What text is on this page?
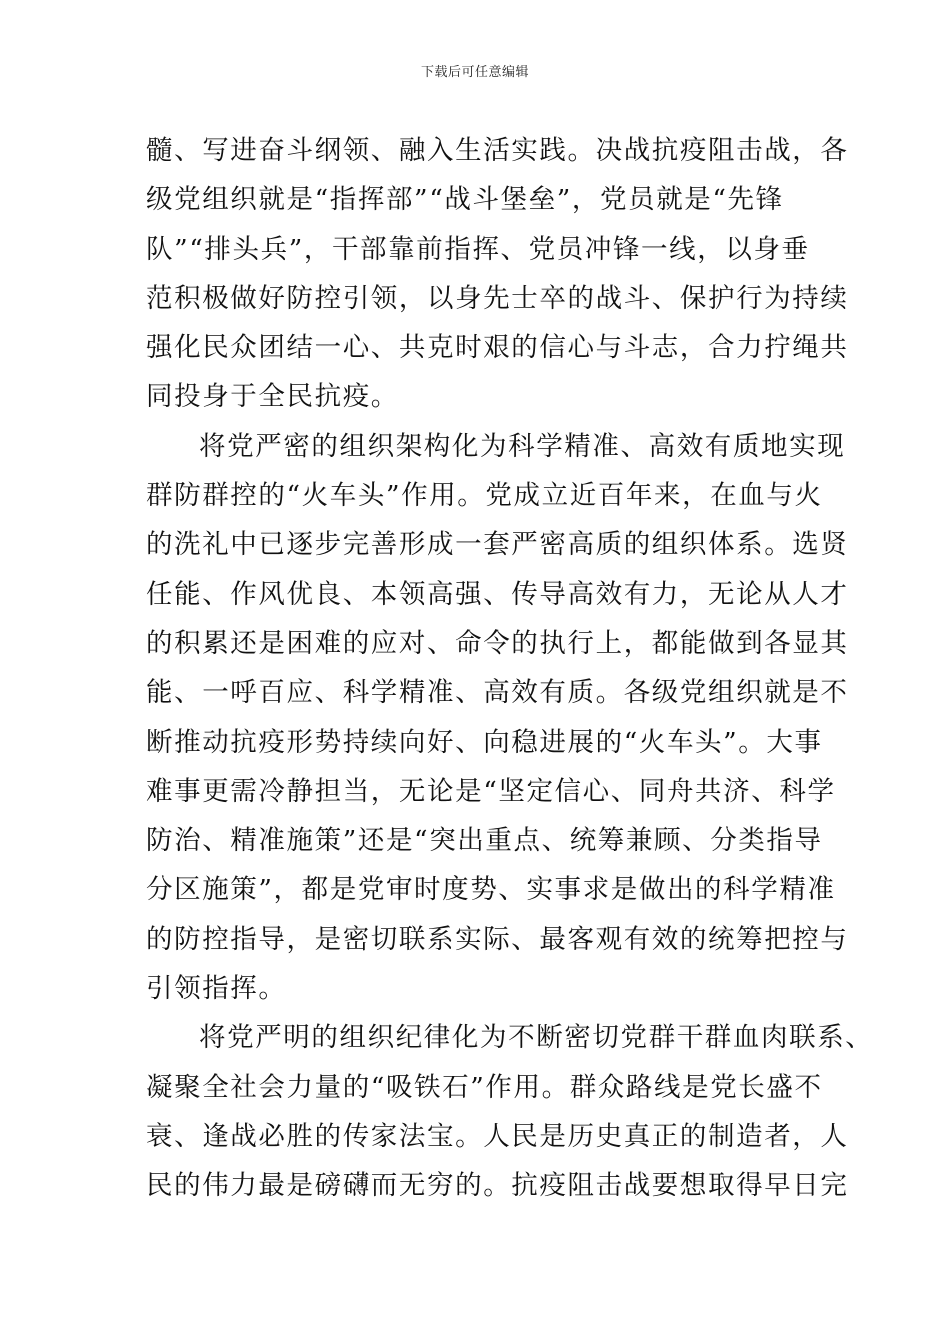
下载后可任意编辑
髓、写进奋斗纲领、融入生活实践。决战抗疫阻击战，各
级党组织就是“指挥部”“战斗堡垒”，党员就是“先锋
队”“排头兵”，干部靠前指挥、党员冲锋一线，以身垂
范积极做好防控引领，以身先士卒的战斗、保护行为持续
强化民众团结一心、共克时艰的信心与斗志，合力拧绳共
同投身于全民抗疫。
将党严密的组织架构化为科学精准、高效有质地实现
群防群控的“火车头”作用。党成立近百年来，在血与火
的洗礼中已逐步完善形成一套严密高质的组织体系。选贤
任能、作风优良、本领高强、传导高效有力，无论从人才
的积累还是困难的应对、命令的执行上，都能做到各显其
能、一呼百应、科学精准、高效有质。各级党组织就是不
断推动抗疫形势持续向好、向稳进展的“火车头”。大事
难事更需冷静担当，无论是“坚定信心、同舟共济、科学
防治、精准施策”还是“突出重点、统筹兼顾、分类指导
分区施策”，都是党审时度势、实事求是做出的科学精准
的防控指导，是密切联系实际、最客观有效的统筹把控与
引领指挥。
将党严明的组织纪律化为不断密切党群干群血肉联系、
凝聚全社会力量的“吸铁石”作用。群众路线是党长盛不
衰、逢战必胜的传家法宝。人民是历史真正的制造者，人
民的伟力最是磅礴而无穷的。抗疫阻击战要想取得早日完
